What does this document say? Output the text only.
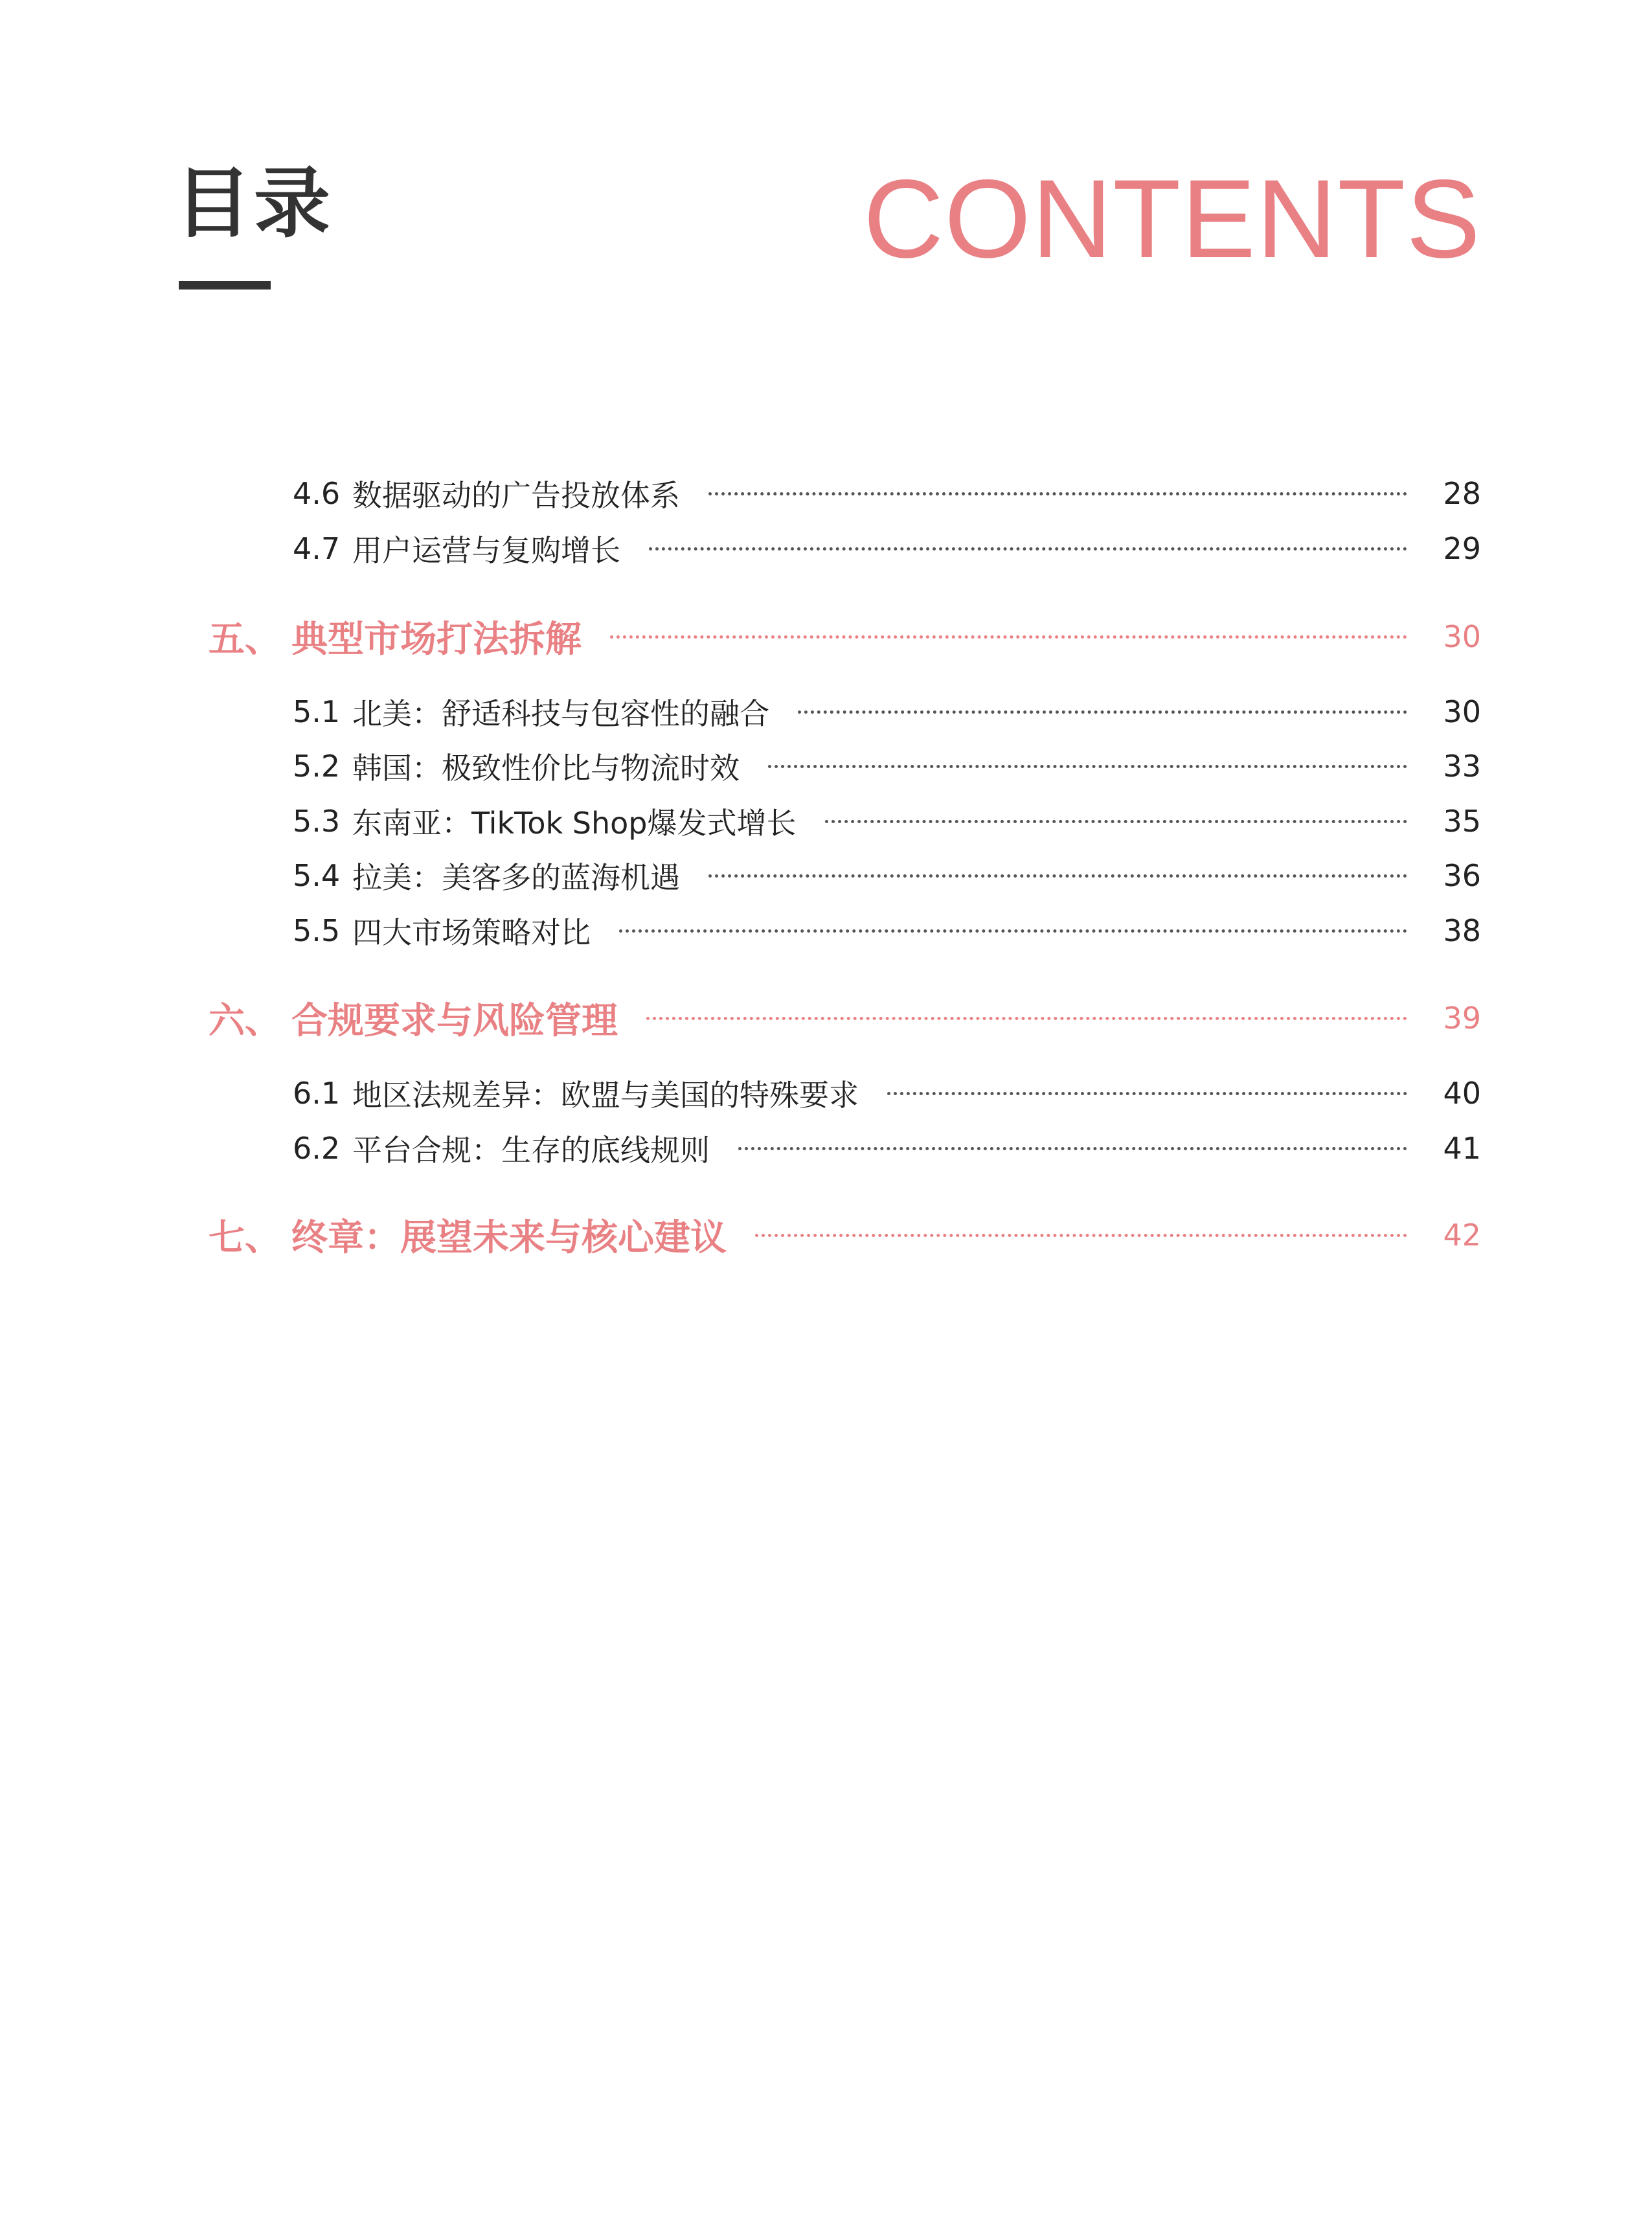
目录	CONTENTS
4.6 数据驱动的广告投放体系	28
4.7 用户运营与复购增长	29
五、 典型市场打法拆解	30
5.1 北美：舒适科技与包容性的融合	30
5.2 韩国：极致性价比与物流时效	33
5.3 东南亚：TikTok Shop爆发式增长	35
5.4 拉美：美客多的蓝海机遇	36
5.5 四大市场策略对比	38
六、 合规要求与风险管理	39
6.1 地区法规差异：欧盟与美国的特殊要求	40
6.2 平台合规：生存的底线规则	41
七、 终章：展望未来与核心建议	42
